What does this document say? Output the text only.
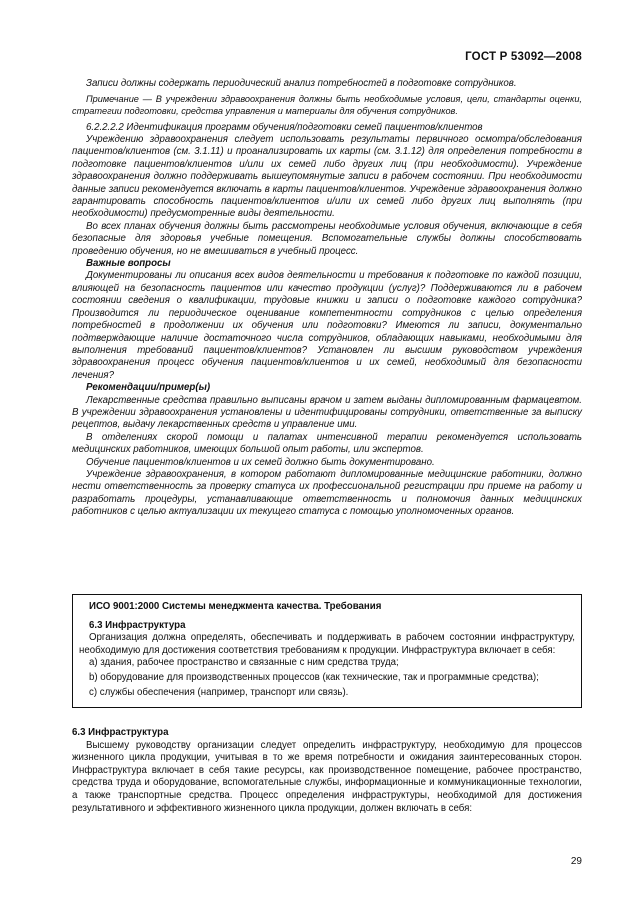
ГОСТ Р 53092—2008

Записи должны содержать периодический анализ потребностей в подготовке сотрудников.

Примечание — В учреждении здравоохранения должны быть необходимые условия, цели, стандарты оценки, стратегии подготовки, средства управления и материалы для обучения сотрудников.

6.2.2.2.2 Идентификация программ обучения/подготовки семей пациентов/клиентов

Учреждению здравоохранения следует использовать результаты первичного осмотра/обследования пациентов/клиентов (см. 3.1.11) и проанализировать их карты (см. 3.1.12) для определения потребности в подготовке пациентов/клиентов и/или их семей либо других лиц (при необходимости). Учреждение здравоохранения должно поддерживать вышеупомянутые записи в рабочем состоянии. При необходимости данные записи рекомендуется включать в карты пациентов/клиентов. Учреждение здравоохранения должно гарантировать способность пациентов/клиентов и/или их семей либо других лиц выполнять (при необходимости) предусмотренные виды деятельности.

Во всех планах обучения должны быть рассмотрены необходимые условия обучения, включающие в себя безопасные для здоровья учебные помещения. Вспомогательные службы должны способствовать проведению обучения, но не вмешиваться в учебный процесс.

Важные вопросы

Документированы ли описания всех видов деятельности и требования к подготовке по каждой позиции, влияющей на безопасность пациентов или качество продукции (услуг)? Поддерживаются ли в рабочем состоянии сведения о квалификации, трудовые книжки и записи о подготовке каждого сотрудника? Производится ли периодическое оценивание компетентности сотрудников с целью определения потребностей в продолжении их обучения или подготовки? Имеются ли записи, документально подтверждающие наличие достаточного числа сотрудников, обладающих навыками, необходимыми для выполнения требований пациентов/клиентов? Установлен ли высшим руководством учреждения здравоохранения процесс обучения пациентов/клиентов и их семей, необходимый для безопасности лечения?

Рекомендации/пример(ы)

Лекарственные средства правильно выписаны врачом и затем выданы дипломированным фармацевтом. В учреждении здравоохранения установлены и идентифицированы сотрудники, ответственные за выписку рецептов, выдачу лекарственных средств и управление ими.

В отделениях скорой помощи и палатах интенсивной терапии рекомендуется использовать медицинских работников, имеющих большой опыт работы, или экспертов.

Обучение пациентов/клиентов и их семей должно быть документировано.

Учреждение здравоохранения, в котором работают дипломированные медицинские работники, должно нести ответственность за проверку статуса их профессиональной регистрации при приеме на работу и разработать процедуры, устанавливающие ответственность и полномочия данных медицинских работников с целью актуализации их текущего статуса с помощью уполномоченных органов.

ИСО 9001:2000 Системы менеджмента качества. Требования

6.3 Инфраструктура

Организация должна определять, обеспечивать и поддерживать в рабочем состоянии инфраструктуру, необходимую для достижения соответствия требованиям к продукции. Инфраструктура включает в себя:

a) здания, рабочее пространство и связанные с ним средства труда;
b) оборудование для производственных процессов (как технические, так и программные средства);
c) службы обеспечения (например, транспорт или связь).

6.3 Инфраструктура

Высшему руководству организации следует определить инфраструктуру, необходимую для процессов жизненного цикла продукции, учитывая в то же время потребности и ожидания заинтересованных сторон. Инфраструктура включает в себя такие ресурсы, как производственное помещение, рабочее пространство, средства труда и оборудование, вспомогательные службы, информационные и коммуникационные технологии, а также транспортные средства. Процесс определения инфраструктуры, необходимой для достижения результативного и эффективного жизненного цикла продукции, должен включать в себя:

29
